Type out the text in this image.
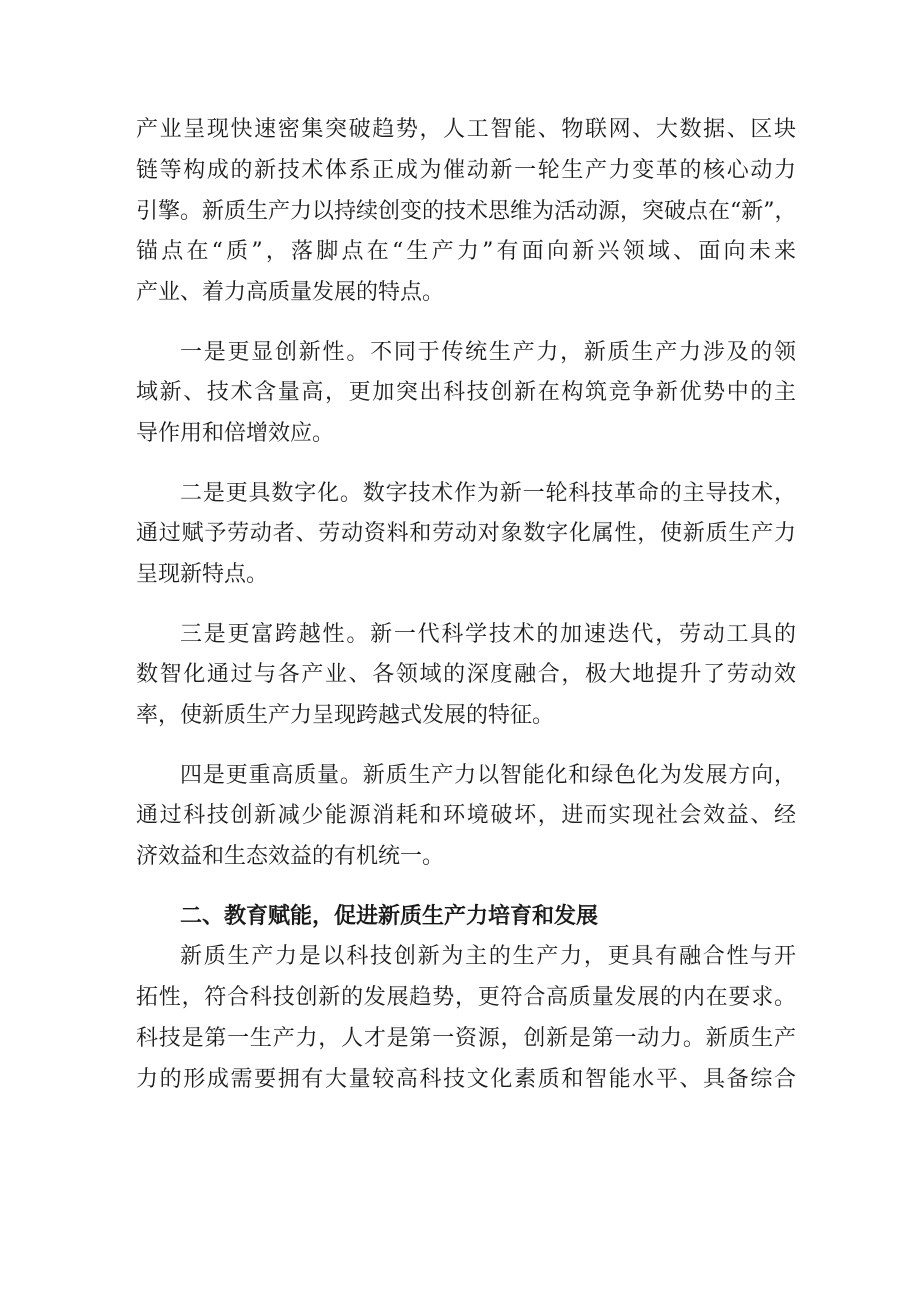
产业呈现快速密集突破趋势，人工智能、物联网、大数据、区块
链等构成的新技术体系正成为催动新一轮生产力变革的核心动力
引擎。新质生产力以持续创变的技术思维为活动源，突破点在“新”，
锚点在“质”，落脚点在“生产力”有面向新兴领域、面向未来
产业、着力高质量发展的特点。
一是更显创新性。不同于传统生产力，新质生产力涉及的领
域新、技术含量高，更加突出科技创新在构筑竞争新优势中的主
导作用和倍增效应。
二是更具数字化。数字技术作为新一轮科技革命的主导技术，
通过赋予劳动者、劳动资料和劳动对象数字化属性，使新质生产力
呈现新特点。
三是更富跨越性。新一代科学技术的加速迭代，劳动工具的
数智化通过与各产业、各领域的深度融合，极大地提升了劳动效
率，使新质生产力呈现跨越式发展的特征。
四是更重高质量。新质生产力以智能化和绿色化为发展方向，
通过科技创新减少能源消耗和环境破坏，进而实现社会效益、经
济效益和生态效益的有机统一。
二、教育赋能，促进新质生产力培育和发展
新质生产力是以科技创新为主的生产力，更具有融合性与开
拓性，符合科技创新的发展趋势，更符合高质量发展的内在要求。
科技是第一生产力，人才是第一资源，创新是第一动力。新质生产
力的形成需要拥有大量较高科技文化素质和智能水平、具备综合
